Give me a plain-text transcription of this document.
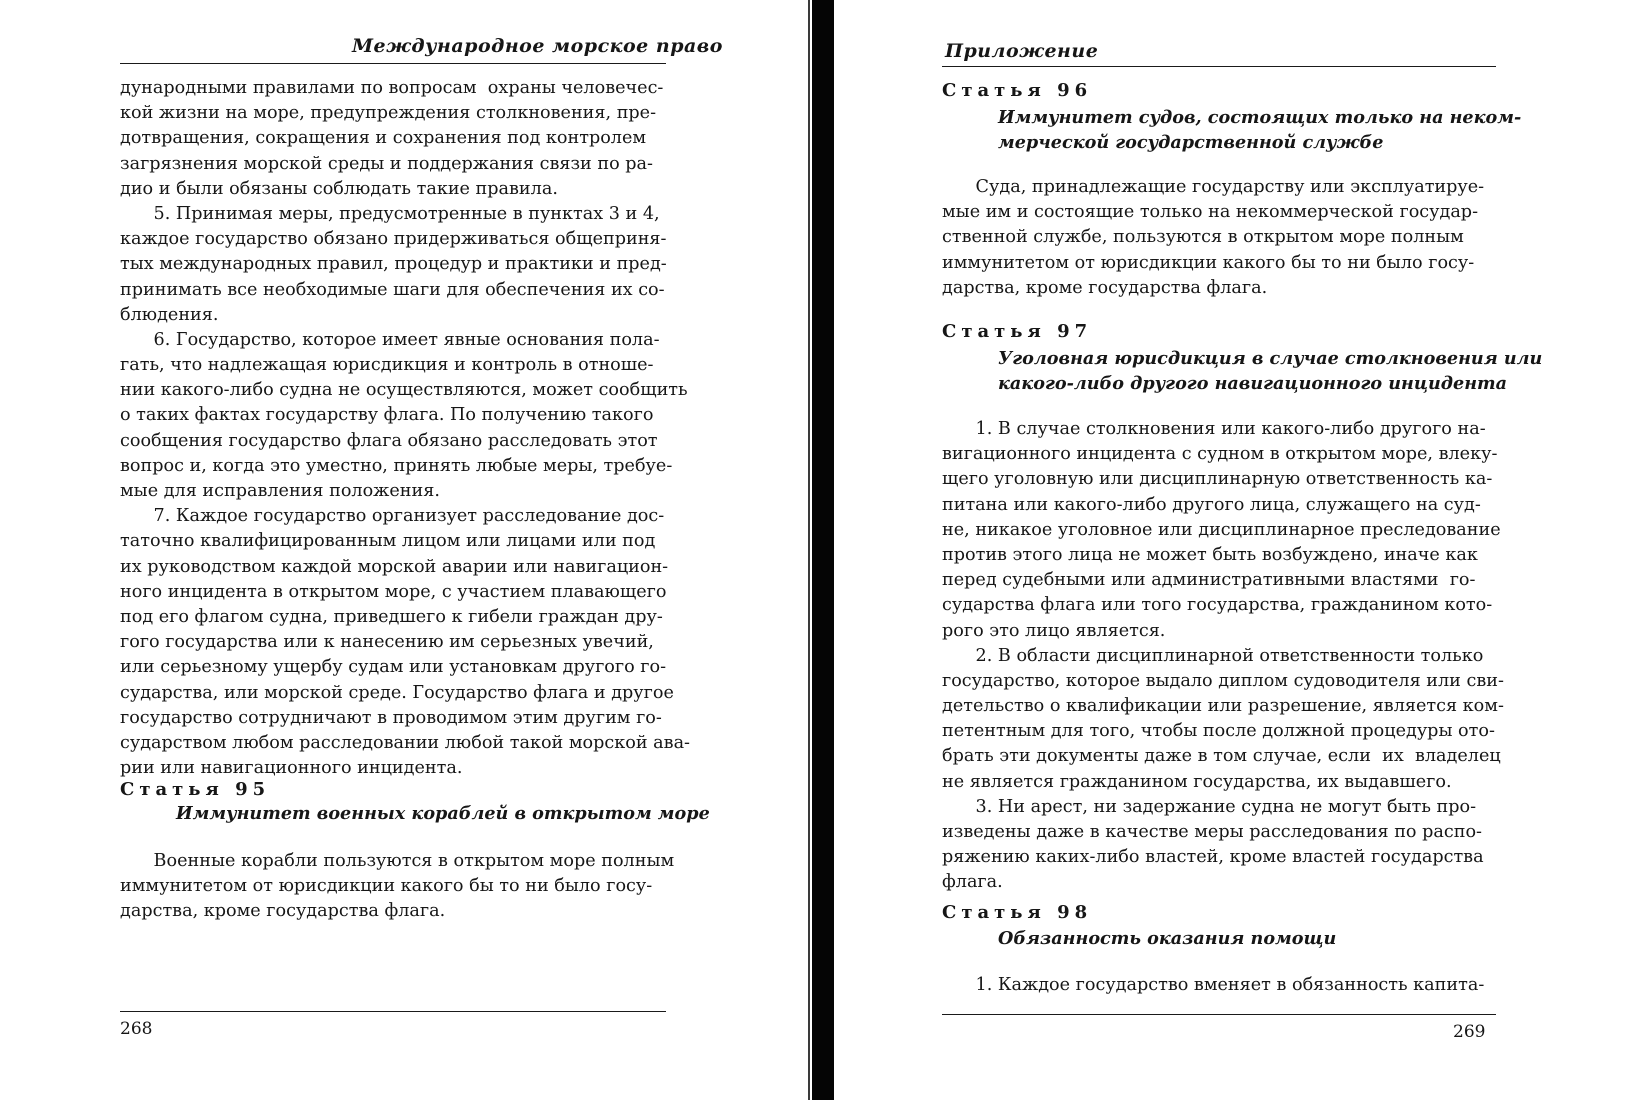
Международное морское право
дународными правилами по вопросам  охраны человечес-
кой жизни на море, предупреждения столкновения, пре-
дотвращения, сокращения и сохранения под контролем
загрязнения морской среды и поддержания связи по ра-
дио и были обязаны соблюдать такие правила.
5. Принимая меры, предусмотренные в пунктах 3 и 4,
каждое государство обязано придерживаться общеприня-
тых международных правил, процедур и практики и пред-
принимать все необходимые шаги для обеспечения их со-
блюдения.
6. Государство, которое имеет явные основания пола-
гать, что надлежащая юрисдикция и контроль в отноше-
нии какого-либо судна не осуществляются, может сообщить
о таких фактах государству флага. По получению такого
сообщения государство флага обязано расследовать этот
вопрос и, когда это уместно, принять любые меры, требуе-
мые для исправления положения.
7. Каждое государство организует расследование дос-
таточно квалифицированным лицом или лицами или под
их руководством каждой морской аварии или навигацион-
ного инцидента в открытом море, с участием плавающего
под его флагом судна, приведшего к гибели граждан дру-
гого государства или к нанесению им серьезных увечий,
или серьезному ущербу судам или установкам другого го-
сударства, или морской среде. Государство флага и другое
государство сотрудничают в проводимом этим другим го-
сударством любом расследовании любой такой морской ава-
рии или навигационного инцидента.
Статья 95
Иммунитет военных кораблей в открытом море
Военные корабли пользуются в открытом море полным
иммунитетом от юрисдикции какого бы то ни было госу-
дарства, кроме государства флага.
268
Приложение
Статья 96
Иммунитет судов, состоящих только на неком-
мерческой государственной службе
Суда, принадлежащие государству или эксплуатируе-
мые им и состоящие только на некоммерческой государ-
ственной службе, пользуются в открытом море полным
иммунитетом от юрисдикции какого бы то ни было госу-
дарства, кроме государства флага.
Статья 97
Уголовная юрисдикция в случае столкновения или
какого-либо другого навигационного инцидента
1. В случае столкновения или какого-либо другого на-
вигационного инцидента с судном в открытом море, влеку-
щего уголовную или дисциплинарную ответственность ка-
питана или какого-либо другого лица, служащего на суд-
не, никакое уголовное или дисциплинарное преследование
против этого лица не может быть возбуждено, иначе как
перед судебными или административными властями  го-
сударства флага или того государства, гражданином кото-
рого это лицо является.
2. В области дисциплинарной ответственности только
государство, которое выдало диплом судоводителя или сви-
детельство о квалификации или разрешение, является ком-
петентным для того, чтобы после должной процедуры ото-
брать эти документы даже в том случае, если  их  владелец
не является гражданином государства, их выдавшего.
3. Ни арест, ни задержание судна не могут быть про-
изведены даже в качестве меры расследования по распо-
ряжению каких-либо властей, кроме властей государства
флага.
Статья 98
Обязанность оказания помощи
1. Каждое государство вменяет в обязанность капита-
269
